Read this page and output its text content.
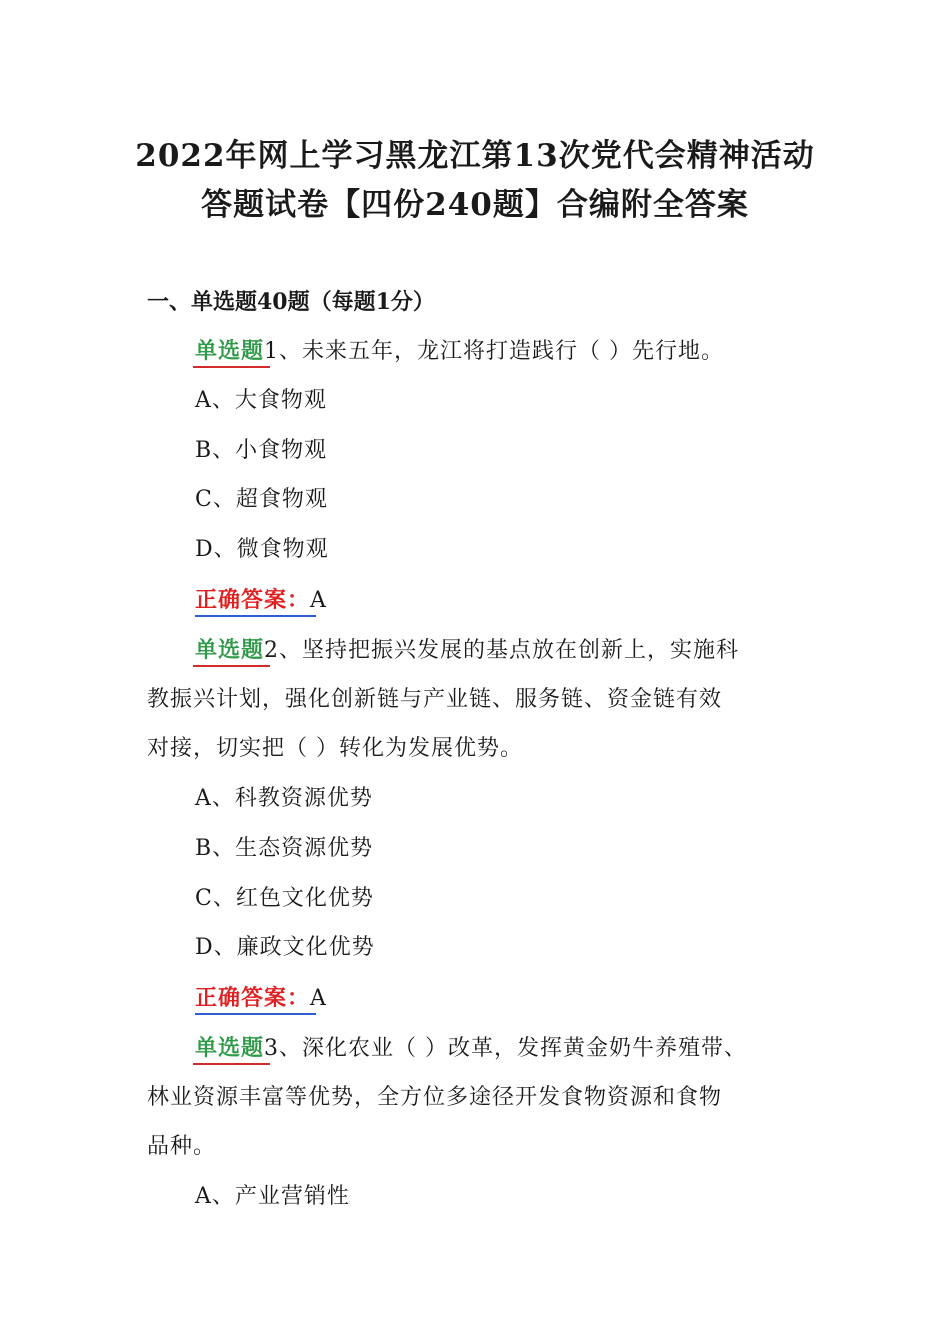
2022年网上学习黑龙江第13次党代会精神活动
答题试卷【四份240题】合编附全答案
一、单选题40题（每题1分）
单选题1、未来五年，龙江将打造践行（ ）先行地。
A、大食物观
B、小食物观
C、超食物观
D、微食物观
正确答案：A
单选题2、坚持把振兴发展的基点放在创新上，实施科
教振兴计划，强化创新链与产业链、服务链、资金链有效
对接，切实把（ ）转化为发展优势。
A、科教资源优势
B、生态资源优势
C、红色文化优势
D、廉政文化优势
正确答案：A
单选题3、深化农业（ ）改革，发挥黄金奶牛养殖带、
林业资源丰富等优势，全方位多途径开发食物资源和食物
品种。
A、产业营销性
